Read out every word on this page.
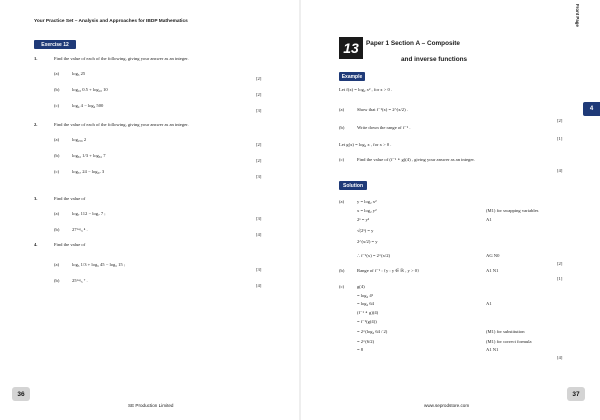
Your Practice Set – Analysis and Approaches for IBDP Mathematics
Exercise 12
1.	Find the value of each of the following, giving your answer as an integer.
(a)	log₅ 25
[2]
(b)	log₁₀ 0.5 + log₁₀ 10
[2]
(c)	log₄ 4 − log₄ 500
[3]
2.	Find the value of each of the following, giving your answer as an integer.
(a)	log₂₅₆ 2
[2]
(b)	log₈₁ 1/3 + log₈₁ 7
[2]
(c)	log₅₇ 24 − log₅₇ 3
[3]
3.	Find the value of
(a)	log₇ 112 − log₇ 7 ;
[3]
(b)	27ᴸᵒᵍ₃ ⁴ .
[4]
4.	Find the value of
(a)	log₅ 1/3 + log₅ 45 − log₅ 15 ;
[3]
(b)	25ᴸᵒᵍ₅ ⁷ .
[4]
36
SE Production Limited
Front Page
13	Paper 1 Section A – Composite
and inverse functions
Example
4
Let f(x) = log₂ x² , for x > 0 .
(a)	Show that f⁻¹(x) = 2^(x/2) .
[2]
(b)	Write down the range of f⁻¹ .
[1]
Let g(x) = log₂ x , for x > 0 .
(c)	Find the value of (f⁻¹ ∘ g)(4) , giving your answer as an integer.
[4]
Solution
(a)	y = log₂ x²
x = log₂ y²	(M1) for swapping variables
2ˣ = y²	A1
√(2ˣ) = y
2^(x/2) = y
∴ f⁻¹(x) = 2^(x/2)	AG N0
[2]
(b)	Range of f⁻¹ : {y : y ∈ ℝ , y > 0}	A1 N1
[1]
(c)	g(4)
= log₂ 4³
= log₂ 64	A1
(f⁻¹ ∘ g)(4)
= f⁻¹(g(4))
= 2^(log₂ 64 / 2)	(M1) for substitution
= 2^(6/2)	(M1) for correct formula
= 8	A1 N1
[4]
37
www.seprodstore.com
